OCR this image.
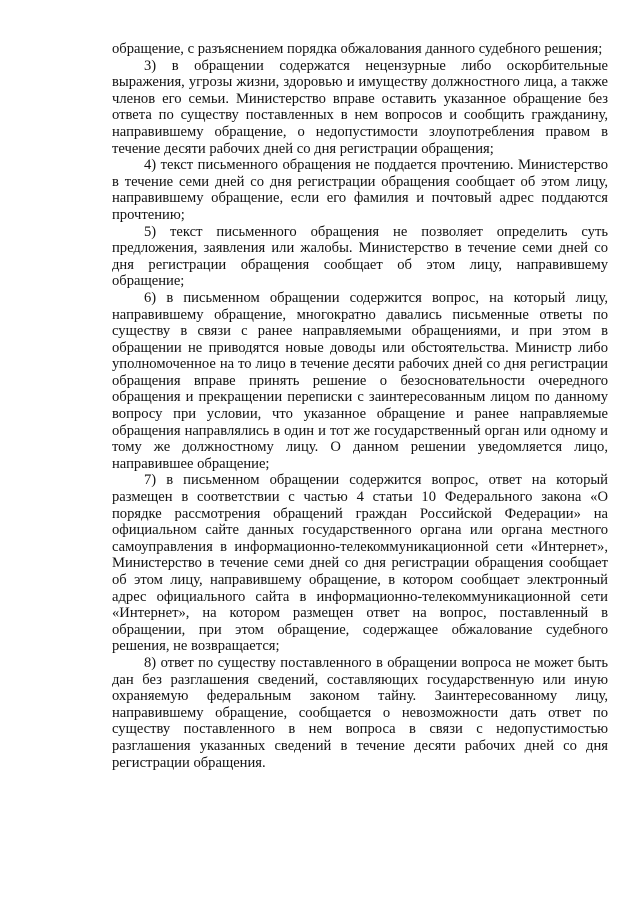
обращение, с разъяснением порядка обжалования данного судебного решения;

3) в обращении содержатся нецензурные либо оскорбительные выражения, угрозы жизни, здоровью и имуществу должностного лица, а также членов его семьи. Министерство вправе оставить указанное обращение без ответа по существу поставленных в нем вопросов и сообщить гражданину, направившему обращение, о недопустимости злоупотребления правом в течение десяти рабочих дней со дня регистрации обращения;

4) текст письменного обращения не поддается прочтению. Министерство в течение семи дней со дня регистрации обращения сообщает об этом лицу, направившему обращение, если его фамилия и почтовый адрес поддаются прочтению;

5) текст письменного обращения не позволяет определить суть предложения, заявления или жалобы. Министерство в течение семи дней со дня регистрации обращения сообщает об этом лицу, направившему обращение;

6) в письменном обращении содержится вопрос, на который лицу, направившему обращение, многократно давались письменные ответы по существу в связи с ранее направляемыми обращениями, и при этом в обращении не приводятся новые доводы или обстоятельства. Министр либо уполномоченное на то лицо в течение десяти рабочих дней со дня регистрации обращения вправе принять решение о безосновательности очередного обращения и прекращении переписки с заинтересованным лицом по данному вопросу при условии, что указанное обращение и ранее направляемые обращения направлялись в один и тот же государственный орган или одному и тому же должностному лицу. О данном решении уведомляется лицо, направившее обращение;

7) в письменном обращении содержится вопрос, ответ на который размещен в соответствии с частью 4 статьи 10 Федерального закона «О порядке рассмотрения обращений граждан Российской Федерации» на официальном сайте данных государственного органа или органа местного самоуправления в информационно-телекоммуникационной сети «Интернет», Министерство в течение семи дней со дня регистрации обращения сообщает об этом лицу, направившему обращение, в котором сообщает электронный адрес официального сайта в информационно-телекоммуникационной сети «Интернет», на котором размещен ответ на вопрос, поставленный в обращении, при этом обращение, содержащее обжалование судебного решения, не возвращается;

8) ответ по существу поставленного в обращении вопроса не может быть дан без разглашения сведений, составляющих государственную или иную охраняемую федеральным законом тайну. Заинтересованному лицу, направившему обращение, сообщается о невозможности дать ответ по существу поставленного в нем вопроса в связи с недопустимостью разглашения указанных сведений в течение десяти рабочих дней со дня регистрации обращения.
